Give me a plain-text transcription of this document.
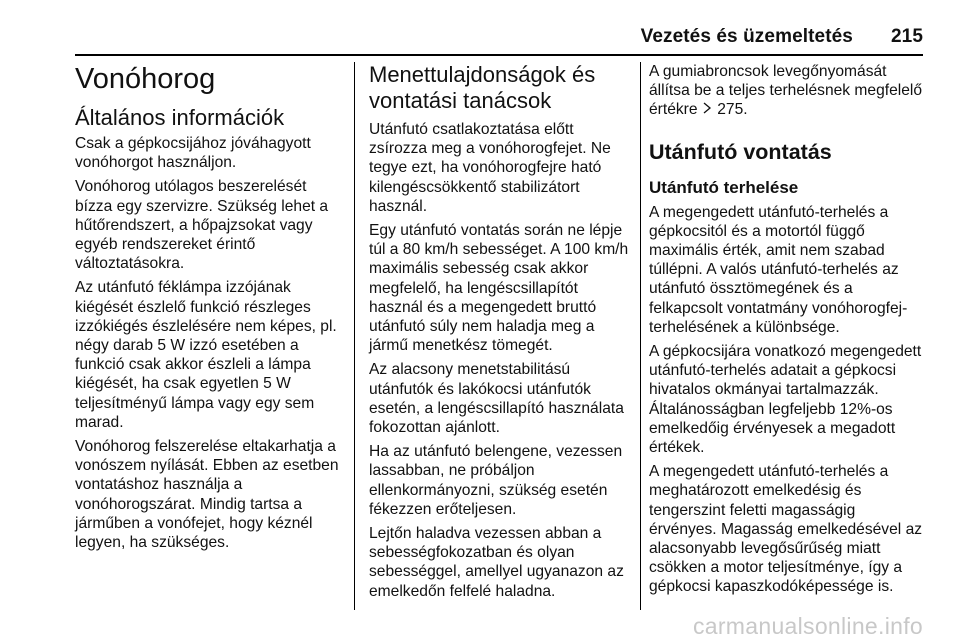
Vezetés és üzemeltetés 215
Vonóhorog
Általános információk

Csak a gépkocsijához jóváhagyott vonóhorgot használjon.

Vonóhorog utólagos beszerelését bízza egy szervizre. Szükség lehet a hűtőrendszert, a hőpajzsokat vagy egyéb rendszereket érintő változtatásokra.

Az utánfutó féklámpa izzójának kiégését észlelő funkció részleges izzókiégés észlelésére nem képes, pl. négy darab 5 W izzó esetében a funkció csak akkor észleli a lámpa kiégését, ha csak egyetlen 5 W teljesítményű lámpa vagy egy sem marad.

Vonóhorog felszerelése eltakarhatja a vonószem nyílását. Ebben az esetben vontatáshoz használja a vonóhorogszárat. Mindig tartsa a járműben a vonófejet, hogy kéznél legyen, ha szükséges.

Menettulajdonságok és vontatási tanácsok

Utánfutó csatlakoztatása előtt zsírozza meg a vonóhorogfejet. Ne tegye ezt, ha vonóhorogfejre ható kilengéscsökkentő stabilizátort használ.

Egy utánfutó vontatás során ne lépje túl a 80 km/h sebességet. A 100 km/h maximális sebesség csak akkor megfelelő, ha lengéscsillapítót használ és a megengedett bruttó utánfutó súly nem haladja meg a jármű menetkész tömegét.

Az alacsony menetstabilitású utánfutók és lakókocsi utánfutók esetén, a lengéscsillapító használata fokozottan ajánlott.

Ha az utánfutó belengene, vezessen lassabban, ne próbáljon ellenkormányozni, szükség esetén fékezzen erőteljesen.

Lejtőn haladva vezessen abban a sebességfokozatban és olyan sebességgel, amellyel ugyanazon az emelkedőn felfelé haladna.

A gumiabroncsok levegőnyomását állítsa be a teljes terhelésnek megfelelő értékre 275.

Utánfutó vontatás
Utánfutó terhelése

A megengedett utánfutó-terhelés a gépkocsitól és a motortól függő maximális érték, amit nem szabad túllépni. A valós utánfutó-terhelés az utánfutó össztömegének és a felkapcsolt vontatmány vonóhorogfej-terhelésének a különbsége.

A gépkocsijára vonatkozó megengedett utánfutó-terhelés adatait a gépkocsi hivatalos okmányai tartalmazzák. Általánosságban legfeljebb 12%-os emelkedőig érvényesek a megadott értékek.

A megengedett utánfutó-terhelés a meghatározott emelkedésig és tengerszint feletti magasságig érvényes. Magasság emelkedésével az alacsonyabb levegősűrűség miatt csökken a motor teljesítménye, így a gépkocsi kapaszkodóképessége is.

carmanualsonline.info
